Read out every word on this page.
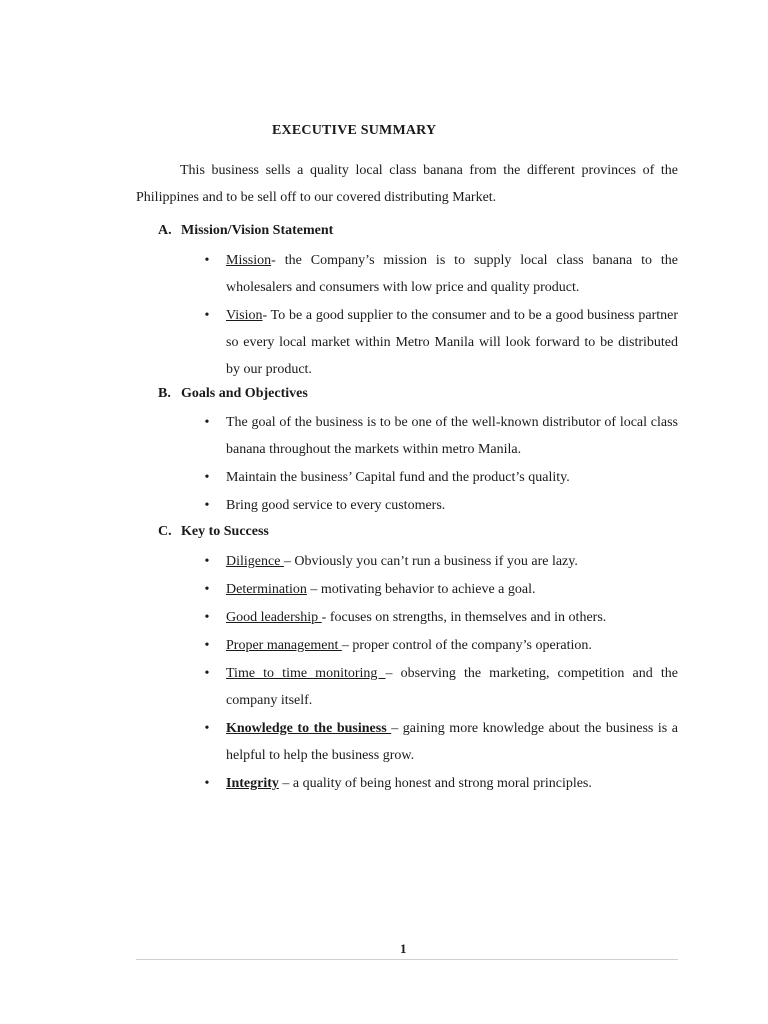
EXECUTIVE SUMMARY

This business sells a quality local class banana from the different provinces of the Philippines and to be sell off to our covered distributing Market.

A. Mission/Vision Statement

•	Mission- the Company’s mission is to supply local class banana to the wholesalers and consumers with low price and quality product.
•	Vision- To be a good supplier to the consumer and to be a good business partner so every local market within Metro Manila will look forward to be distributed by our product.

B. Goals and Objectives

•	The goal of the business is to be one of the well-known distributor of local class banana throughout the markets within metro Manila.
•	Maintain the business’ Capital fund and the product’s quality.
•	Bring good service to every customers.

C. Key to Success

•	Diligence – Obviously you can’t run a business if you are lazy.
•	Determination – motivating behavior to achieve a goal.
•	Good leadership - focuses on strengths, in themselves and in others.
•	Proper management – proper control of the company’s operation.
•	Time to time monitoring – observing the marketing, competition and the company itself.
•	Knowledge to the business – gaining more knowledge about the business is a helpful to help the business grow.
•	Integrity – a quality of being honest and strong moral principles.
1
